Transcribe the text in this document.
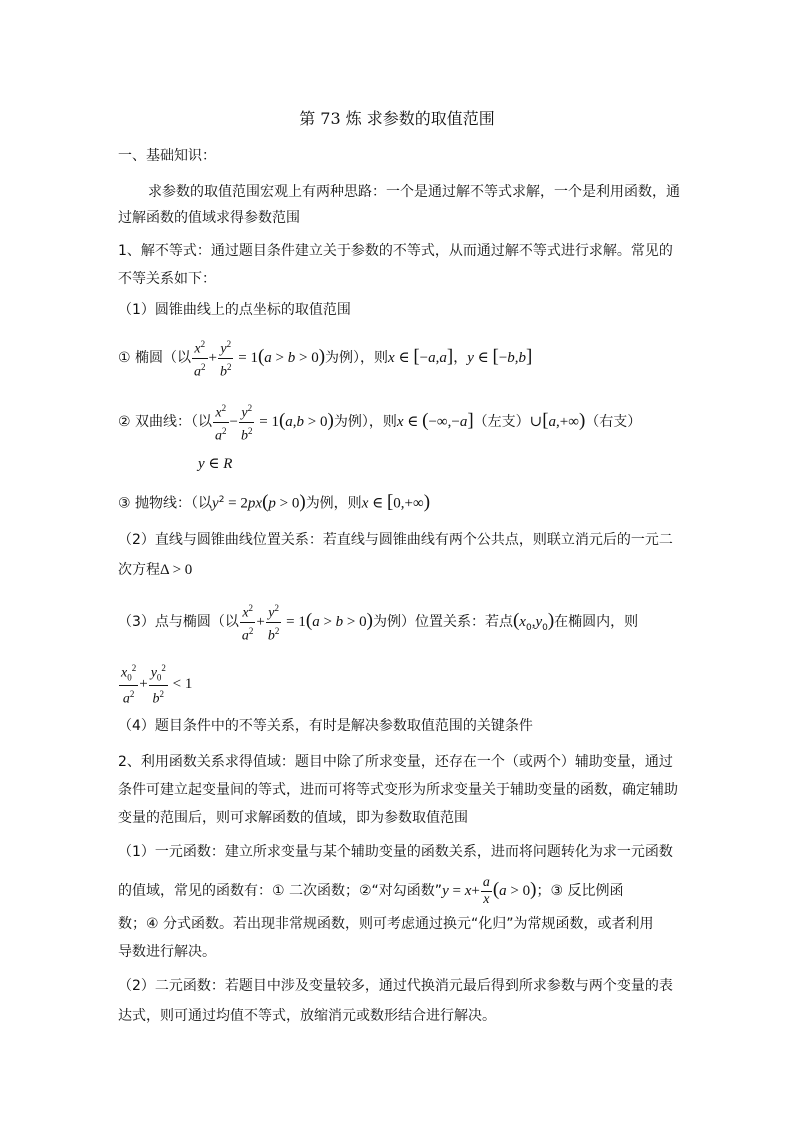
第 73 炼 求参数的取值范围
一、基础知识：
求参数的取值范围宏观上有两种思路：一个是通过解不等式求解，一个是利用函数，通
过解函数的值域求得参数范围
1、解不等式：通过题目条件建立关于参数的不等式，从而通过解不等式进行求解。常见的
不等关系如下：
（1）圆锥曲线上的点坐标的取值范围
① 椭圆（以 $\frac{x^2}{a^2} + \frac{y^2}{b^2} = 1(a > b > 0)$为例），则x ∈ [−a,a]，y ∈ [−b,b]
② 双曲线：（以 $\frac{x^2}{a^2} - \frac{y^2}{b^2} = 1(a,b > 0)$为例），则x ∈ (−∞,−a]（左支）∪[a,+∞)（右支）
y ∈ R
③ 抛物线：（以$y^2 = 2px(p > 0)$为例，则x ∈ [0,+∞)
（2）直线与圆锥曲线位置关系：若直线与圆锥曲线有两个公共点，则联立消元后的一元二
次方程Δ > 0
（3）点与椭圆（以 $\frac{x^2}{a^2} + \frac{y^2}{b^2} = 1(a > b > 0)$为例）位置关系：若点$(x_0,y_0)$在椭圆内，则
$\frac{x_0^2}{a^2} + \frac{y_0^2}{b^2} < 1$
（4）题目条件中的不等关系，有时是解决参数取值范围的关键条件
2、利用函数关系求得值域：题目中除了所求变量，还存在一个（或两个）辅助变量，通过
条件可建立起变量间的等式，进而可将等式变形为所求变量关于辅助变量的函数，确定辅助
变量的范围后，则可求解函数的值域，即为参数取值范围
（1）一元函数：建立所求变量与某个辅助变量的函数关系，进而将问题转化为求一元函数
的值域，常见的函数有：① 二次函数；②“对勾函数”y = $x+ \frac{a}{x} (a > 0)$；③ 反比例函
数；④ 分式函数。若出现非常规函数，则可考虑通过换元“化归”为常规函数，或者利用
导数进行解决。
（2）二元函数：若题目中涉及变量较多，通过代换消元最后得到所求参数与两个变量的表
达式，则可通过均值不等式，放缩消元或数形结合进行解决。
